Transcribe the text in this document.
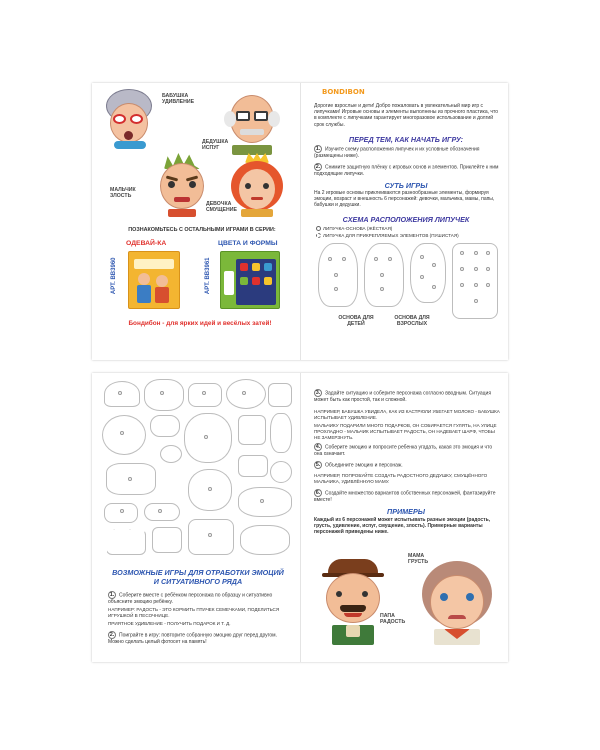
БАБУШКА УДИВЛЕНИЕ
ДЕДУШКА ИСПУГ
МАЛЬЧИК ЗЛОСТЬ
ДЕВОЧКА СМУЩЕНИЕ
ПОЗНАКОМЬТЕСЬ С ОСТАЛЬНЫМИ ИГРАМИ В СЕРИИ:
ОДЕВАЙ-КА
АРТ. ВВ3960
ЦВЕТА И ФОРМЫ
АРТ. ВВ3961
Бондибон - для ярких идей и весёлых затей!
BONDIBON
Дорогие взрослые и дети! Добро пожаловать в увлекательный мир игр с липучками! Игровые основы и элементы выполнены из прочного пластика, что в комплекте с липучками гарантирует многоразовое использование и долгий срок службы.
ПЕРЕД ТЕМ, КАК НАЧАТЬ ИГРУ:
1. Изучите схему расположения липучек и их условные обозначения (размещены ниже).
2. Снимите защитную плёнку с игровых основ и элементов. Приклейте к ним подходящие липучки.
СУТЬ ИГРЫ
На 2 игровые основы приклеиваются разнообразные элементы, формируя эмоции, возраст и внешность 6 персонажей: девочки, мальчика, мамы, папы, бабушки и дедушки.
СХЕМА РАСПОЛОЖЕНИЯ ЛИПУЧЕК
ЛИПУЧКА-ОСНОВА (ЖЁСТКАЯ)
ЛИПУЧКА ДЛЯ ПРИКРЕПЛЯЕМЫХ ЭЛЕМЕНТОВ (ПУШИСТАЯ)
ОСНОВА ДЛЯ ДЕТЕЙ
ОСНОВА ДЛЯ ВЗРОСЛЫХ
ВОЗМОЖНЫЕ ИГРЫ ДЛЯ ОТРАБОТКИ ЭМОЦИЙ И СИТУАТИВНОГО РЯДА
1. Соберите вместе с ребёнком персонажа по образцу и ситуативно объясните эмоцию ребёнку.
НАПРИМЕР: РАДОСТЬ - ЭТО КОРМИТЬ ПТИЧЕК СЕМЕЧКАМИ, ПОДЕЛИТЬСЯ ИГРУШКОЙ В ПЕСОЧНИЦЕ.
ПРИЯТНОЕ УДИВЛЕНИЕ - ПОЛУЧИТЬ ПОДАРОК И Т. Д.
2. Поиграйте в игру: повторите собранную эмоцию друг перед другом. Можно сделать целый фотосет на память!
3. Задайте ситуацию и соберите персонажа согласно вводным. Ситуация может быть как простой, так и сложной.
НАПРИМЕР, БАБУШКА УВИДЕЛА, КАК ИЗ КАСТРЮЛИ УБЕГАЕТ МОЛОКО - БАБУШКА ИСПЫТЫВАЕТ УДИВЛЕНИЕ.
МАЛЬЧИКУ ПОДАРИЛИ МНОГО ПОДАРКОВ, ОН СОБИРАЕТСЯ ГУЛЯТЬ, НА УЛИЦЕ ПРОХЛАДНО - МАЛЬЧИК ИСПЫТЫВАЕТ РАДОСТЬ, ОН НАДЕВАЕТ ШАРФ, ЧТОБЫ НЕ ЗАМЕРЗНУТЬ.
4. Соберите эмоцию и попросите ребенка угадать, какая это эмоция и что она означает.
5. Объедините эмоцию и персонаж.
НАПРИМЕР, ПОПРОБУЙТЕ СОЗДАТЬ РАДОСТНОГО ДЕДУШКУ, СМУЩЁННОГО МАЛЬЧИКА, УДИВЛЁННУЮ МАМУ.
6. Создайте множество вариантов собственных персонажей, фантазируйте вместе!
ПРИМЕРЫ
Каждый из 6 персонажей может испытывать разные эмоции (радость, грусть, удивление, испуг, смущение, злость). Примерные варианты персонажей приведены ниже.
ПАПА РАДОСТЬ
МАМА ГРУСТЬ
